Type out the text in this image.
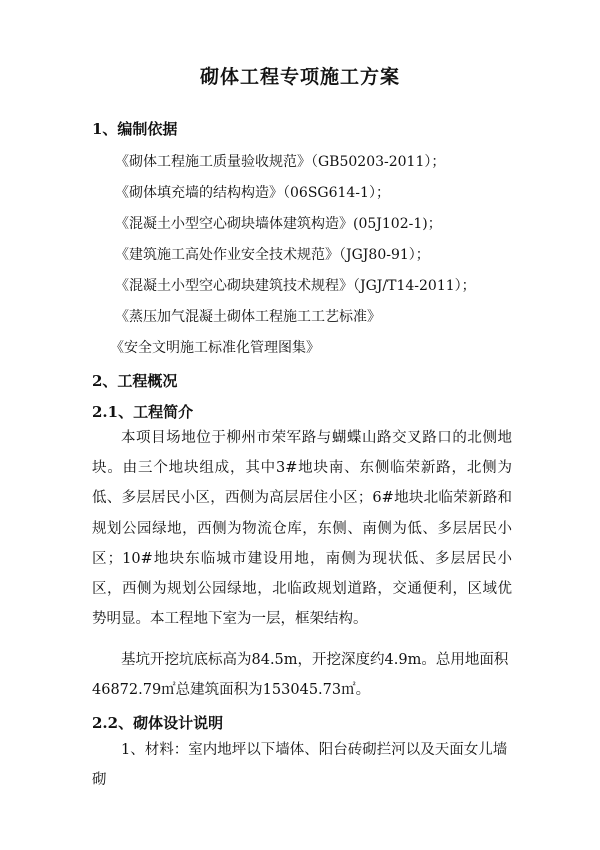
砌体工程专项施工方案
1、编制依据
《砌体工程施工质量验收规范》（GB50203-2011）；
《砌体填充墙的结构构造》（06SG614-1）；
《混凝土小型空心砌块墙体建筑构造》(05J102-1)；
《建筑施工高处作业安全技术规范》（JGJ80-91）；
《混凝土小型空心砌块建筑技术规程》（JGJ/T14-2011）；
《蒸压加气混凝土砌体工程施工工艺标准》
《安全文明施工标准化管理图集》
2、工程概况
2.1、工程简介
本项目场地位于柳州市荣军路与蝴蝶山路交叉路口的北侧地块。由三个地块组成，其中3#地块南、东侧临荣新路，北侧为低、多层居民小区，西侧为高层居住小区；6#地块北临荣新路和规划公园绿地，西侧为物流仓库，东侧、南侧为低、多层居民小区；10#地块东临城市建设用地，南侧为现状低、多层居民小区，西侧为规划公园绿地，北临政规划道路，交通便利，区域优势明显。本工程地下室为一层，框架结构。
基坑开挖坑底标高为84.5m，开挖深度约4.9m。总用地面积46872.79㎡总建筑面积为153045.73㎡。
2.2、砌体设计说明
1、材料：室内地坪以下墙体、阳台砖砌拦河以及天面女儿墙砌
